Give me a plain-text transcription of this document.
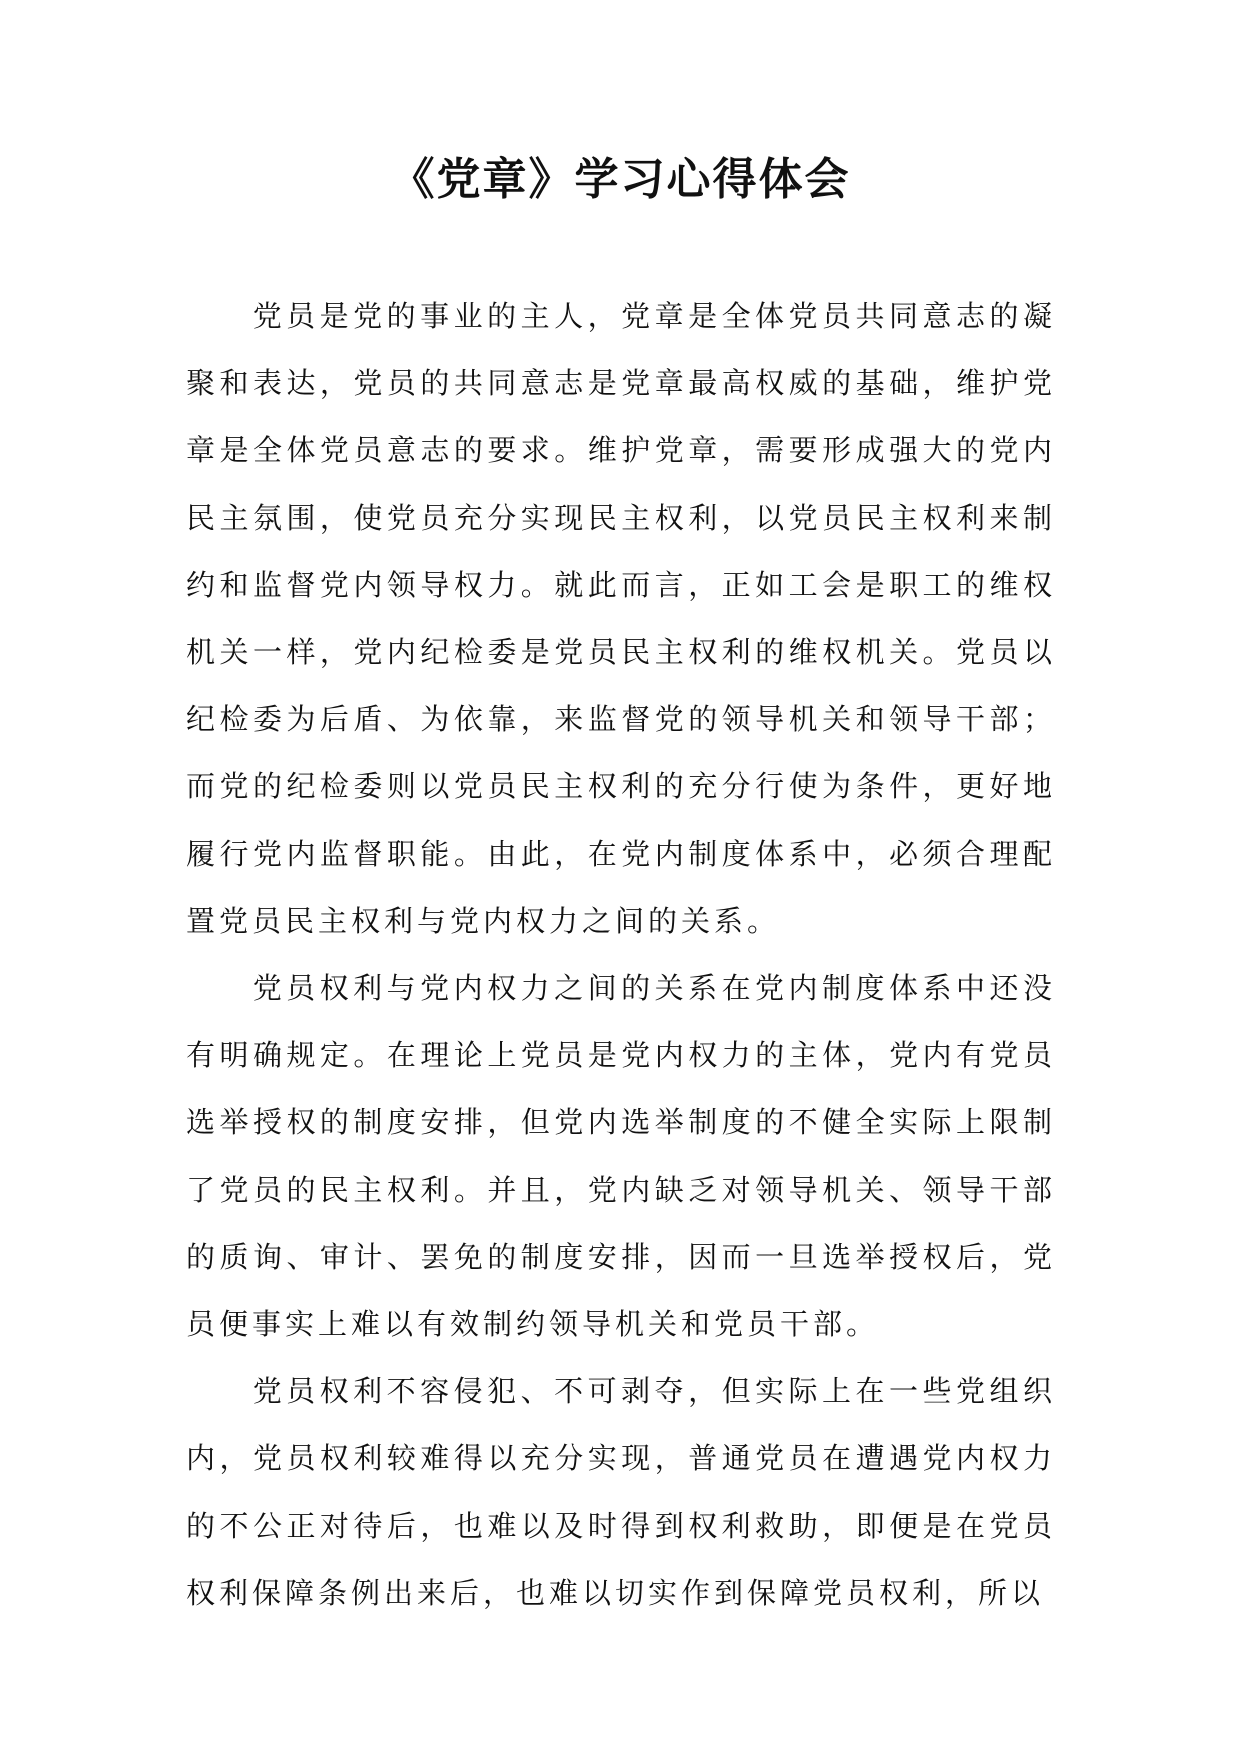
《党章》学习心得体会

党员是党的事业的主人，党章是全体党员共同意志的凝聚和表达，党员的共同意志是党章最高权威的基础，维护党章是全体党员意志的要求。维护党章，需要形成强大的党内民主氛围，使党员充分实现民主权利，以党员民主权利来制约和监督党内领导权力。就此而言，正如工会是职工的维权机关一样，党内纪检委是党员民主权利的维权机关。党员以纪检委为后盾、为依靠，来监督党的领导机关和领导干部；而党的纪检委则以党员民主权利的充分行使为条件，更好地履行党内监督职能。由此，在党内制度体系中，必须合理配置党员民主权利与党内权力之间的关系。

党员权利与党内权力之间的关系在党内制度体系中还没有明确规定。在理论上党员是党内权力的主体，党内有党员选举授权的制度安排，但党内选举制度的不健全实际上限制了党员的民主权利。并且，党内缺乏对领导机关、领导干部的质询、审计、罢免的制度安排，因而一旦选举授权后，党员便事实上难以有效制约领导机关和党员干部。

党员权利不容侵犯、不可剥夺，但实际上在一些党组织内，党员权利较难得以充分实现，普通党员在遭遇党内权力的不公正对待后，也难以及时得到权利救助，即便是在党员权利保障条例出来后，也难以切实作到保障党员权利，所以
